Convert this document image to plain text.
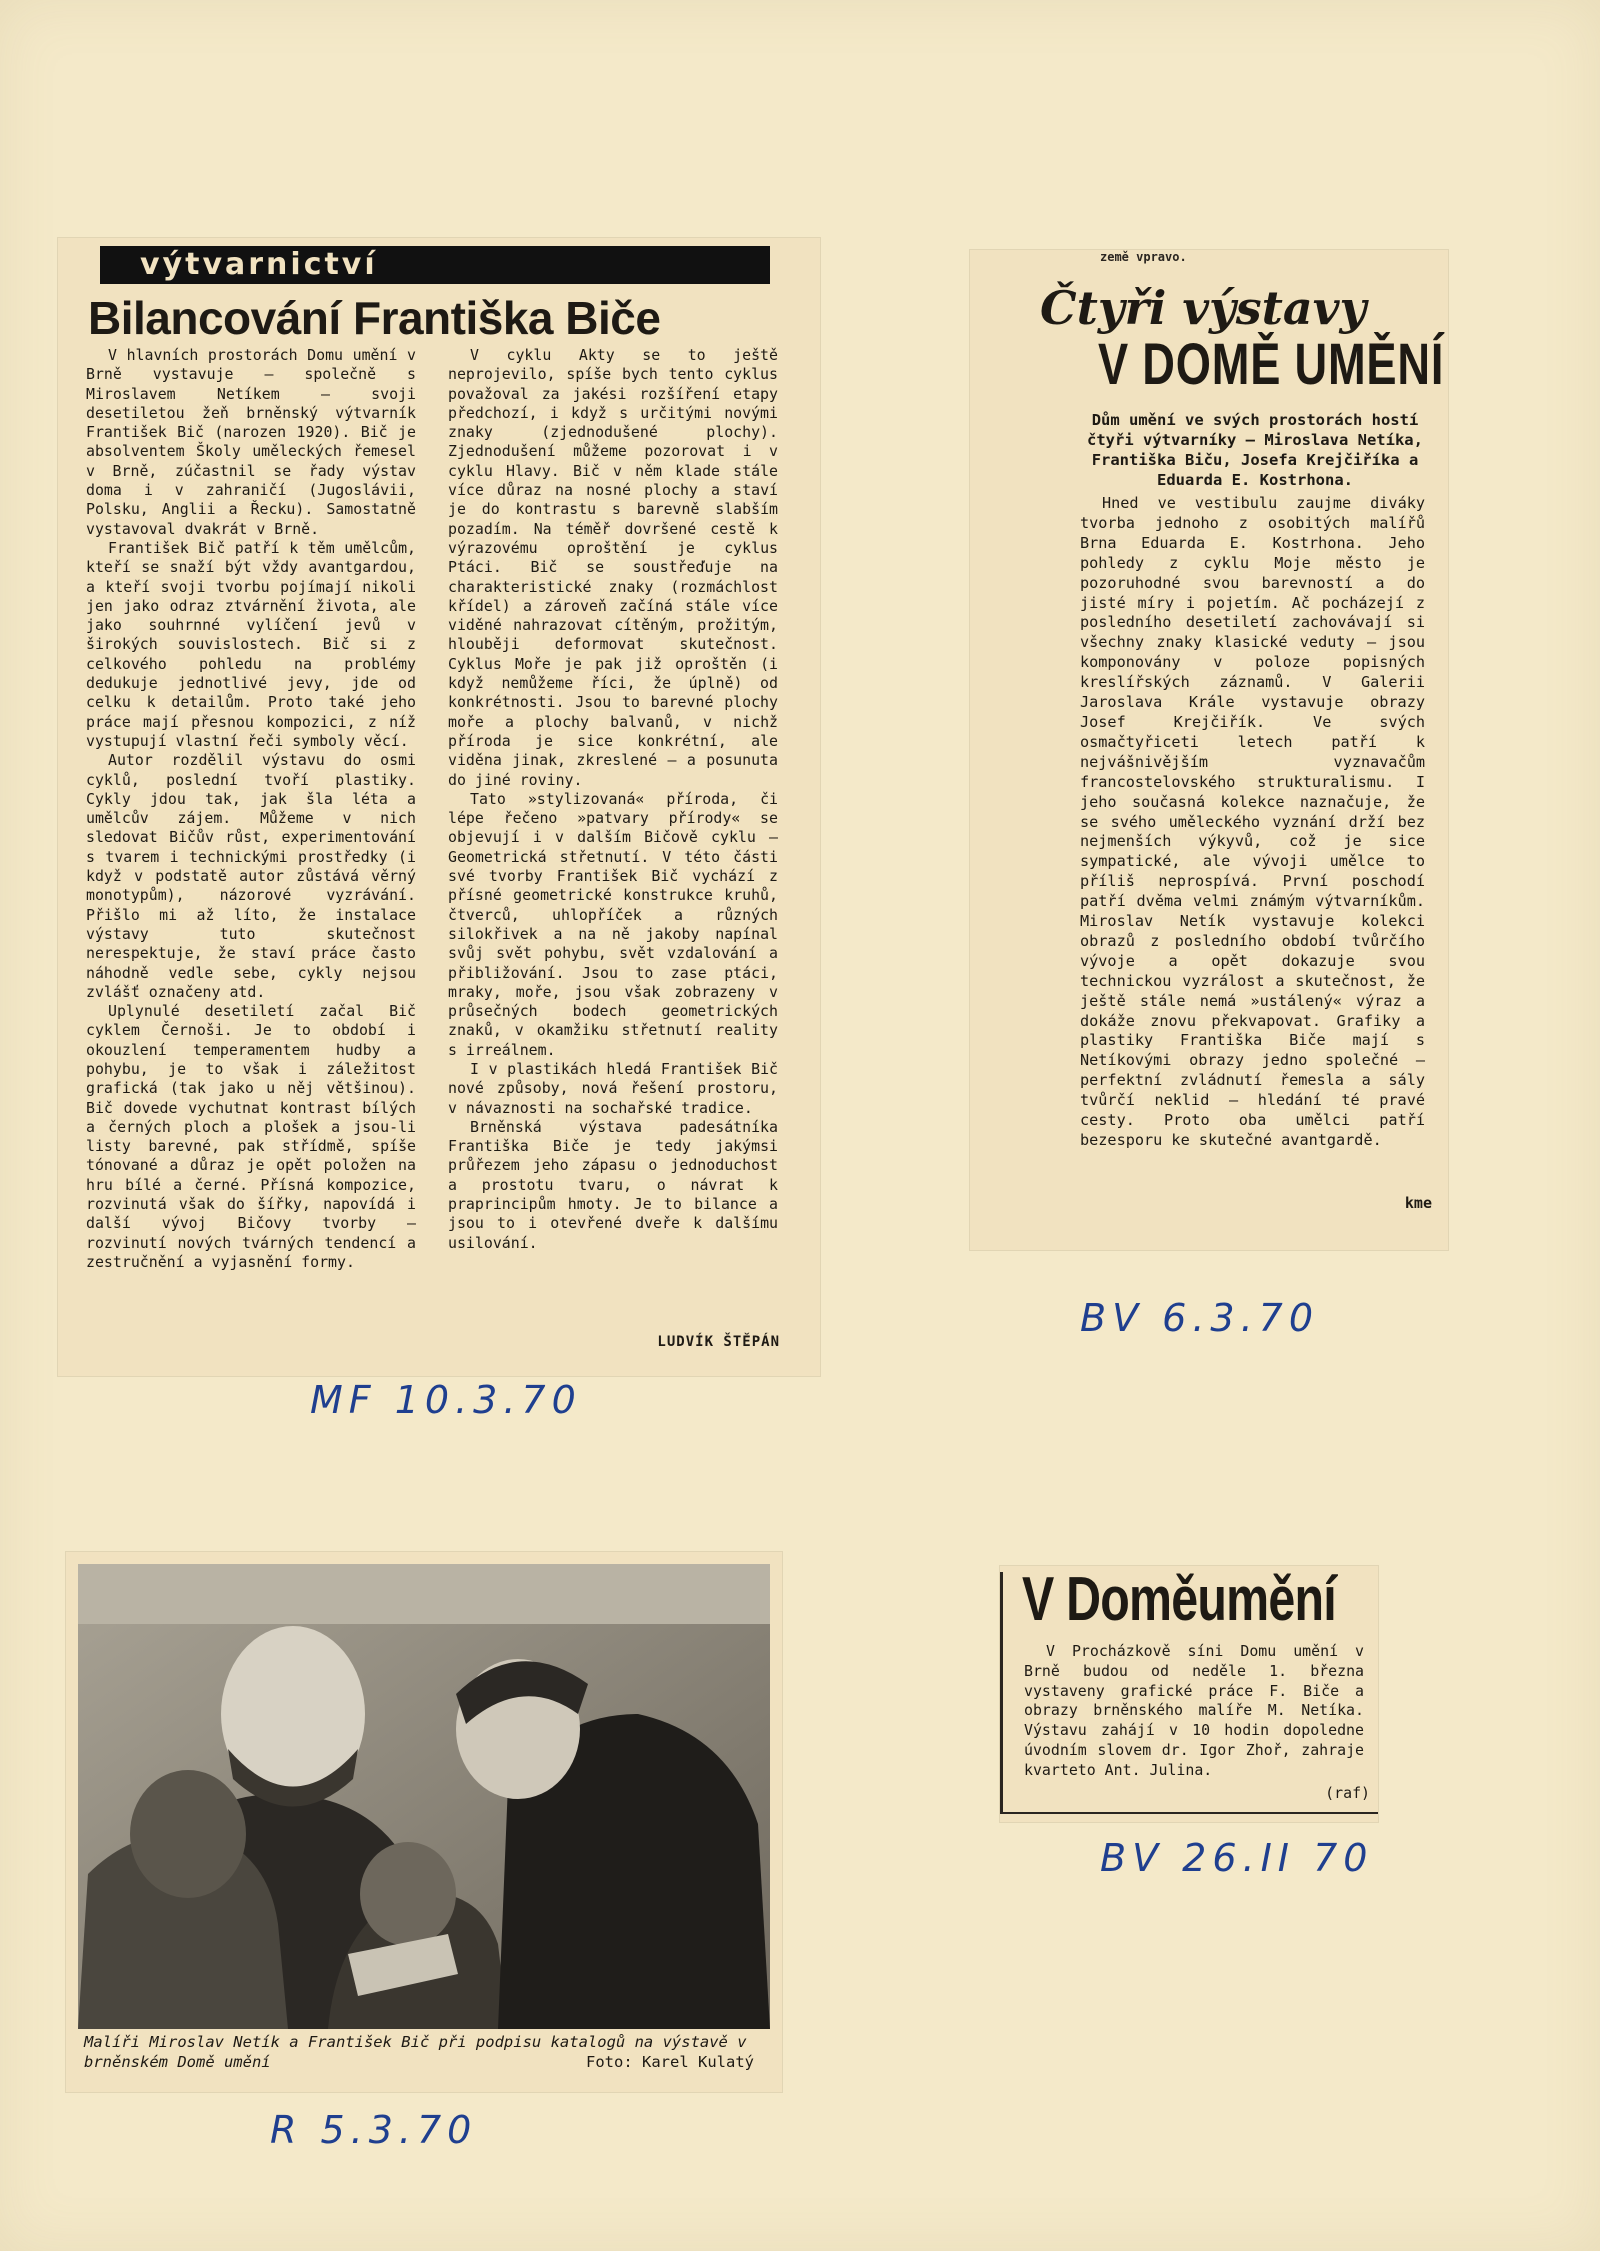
výtvarnictví
Bilancování Františka Biče

V hlavních prostorách Domu umění v Brně vystavuje — společně s Miroslavem Netíkem — svoji desetiletou žeň brněnský výtvarník František Bič (narozen 1920). Bič je absolventem Školy uměleckých řemesel v Brně, zúčastnil se řady výstav doma i v zahraničí (Jugoslávii, Polsku, Anglii a Řecku). Samostatně vystavoval dvakrát v Brně.

František Bič patří k těm umělcům, kteří se snaží být vždy avantgardou, a kteří svoji tvorbu pojímají nikoli jen jako odraz ztvárnění života, ale jako souhrnné vylíčení jevů v širokých souvislostech. Bič si z celkového pohledu na problémy dedukuje jednotlivé jevy, jde od celku k detailům. Proto také jeho práce mají přesnou kompozici, z níž vystupují vlastní řeči symboly věcí.

Autor rozdělil výstavu do osmi cyklů, poslední tvoří plastiky. Cykly jdou tak, jak šla léta a umělcův zájem. Můžeme v nich sledovat Bičův růst, experimentování s tvarem i technickými prostředky (i když v podstatě autor zůstává věrný monotypům), názorové vyzrávání. Přišlo mi až líto, že instalace výstavy tuto skutečnost nerespektuje, že staví práce často náhodně vedle sebe, cykly nejsou zvlášť označeny atd.

Uplynulé desetiletí začal Bič cyklem Černoši. Je to období i okouzlení temperamentem hudby a pohybu, je to však i záležitost grafická (tak jako u něj většinou). Bič dovede vychutnat kontrast bílých a černých ploch a plošek a jsou-li listy barevné, pak střídmě, spíše tónované a důraz je opět položen na hru bílé a černé. Přísná kompozice, rozvinutá však do šířky, napovídá i další vývoj Bičovy tvorby — rozvinutí nových tvárných tendencí a zestručnění a vyjasnění formy.

V cyklu Akty se to ještě neprojevilo, spíše bych tento cyklus považoval za jakési rozšíření etapy předchozí, i když s určitými novými znaky (zjednodušené plochy). Zjednodušení můžeme pozorovat i v cyklu Hlavy. Bič v něm klade stále více důraz na nosné plochy a staví je do kontrastu s barevně slabším pozadím. Na téměř dovršené cestě k výrazovému oproštění je cyklus Ptáci. Bič se soustřeďuje na charakteristické znaky (rozmáchlost křídel) a zároveň začíná stále více viděné nahrazovat cítěným, prožitým, hlouběji deformovat skutečnost. Cyklus Moře je pak již oproštěn (i když nemůžeme říci, že úplně) od konkrétnosti. Jsou to barevné plochy moře a plochy balvanů, v nichž příroda je sice konkrétní, ale viděna jinak, zkreslené — a posunuta do jiné roviny.

Tato »stylizovaná« příroda, či lépe řečeno »patvary přírody« se objevují i v dalším Bičově cyklu — Geometrická střetnutí. V této části své tvorby František Bič vychází z přísné geometrické konstrukce kruhů, čtverců, uhlopříček a různých silokřivek a na ně jakoby napínal svůj svět pohybu, svět vzdalování a přibližování. Jsou to zase ptáci, mraky, moře, jsou však zobrazeny v průsečných bodech geometrických znaků, v okamžiku střetnutí reality s irreálnem.

I v plastikách hledá František Bič nové způsoby, nová řešení prostoru, v návaznosti na sochařské tradice.

Brněnská výstava padesátníka Františka Biče je tedy jakýmsi průřezem jeho zápasu o jednoduchost a prostotu tvaru, o návrat k praprincipům hmoty. Je to bilance a jsou to i otevřené dveře k dalšímu usilování.

LUDVÍK ŠTĚPÁN
MF 10.3.70
země vpravo.
Čtyři výstavy
V DOMĚ UMĚNÍ
Dům umění ve svých prostorách hostí čtyři výtvarníky — Miroslava Netíka, Františka Biču, Josefa Krejčiříka a Eduarda E. Kostrhona.

Hned ve vestibulu zaujme diváky tvorba jednoho z osobitých malířů Brna Eduarda E. Kostrhona. Jeho pohledy z cyklu Moje město je pozoruhodné svou barevností a do jisté míry i pojetím. Ač pocházejí z posledního desetiletí zachovávají si všechny znaky klasické veduty — jsou komponovány v poloze popisných kreslířských záznamů. V Galerii Jaroslava Krále vystavuje obrazy Josef Krejčiřík. Ve svých osmačtyřiceti letech patří k nejvášnivějším vyznavačům francostelovského strukturalismu. I jeho současná kolekce naznačuje, že se svého uměleckého vyznání drží bez nejmenších výkyvů, což je sice sympatické, ale vývoji umělce to příliš neprospívá. První poschodí patří dvěma velmi známým výtvarníkům. Miroslav Netík vystavuje kolekci obrazů z posledního období tvůrčího vývoje a opět dokazuje svou technickou vyzrálost a skutečnost, že ještě stále nemá »ustálený« výraz a dokáže znovu překvapovat. Grafiky a plastiky Františka Biče mají s Netíkovými obrazy jedno společné — perfektní zvládnutí řemesla a sály tvůrčí neklid — hledání té pravé cesty. Proto oba umělci patří bezesporu ke skutečné avantgardě.

kme
BV 6.3.70
Malíři Miroslav Netík a František Bič při podpisu katalogů na výstavě v brněnském Domě umění	Foto: Karel Kulatý
R 5.3.70
V Doměumění

V Procházkově síni Domu umění v Brně budou od neděle 1. března vystaveny grafické práce F. Biče a obrazy brněnského malíře M. Netíka. Výstavu zahájí v 10 hodin dopoledne úvodním slovem dr. Igor Zhoř, zahraje kvarteto Ant. Julina.

(raf)
BV 26.II 70
